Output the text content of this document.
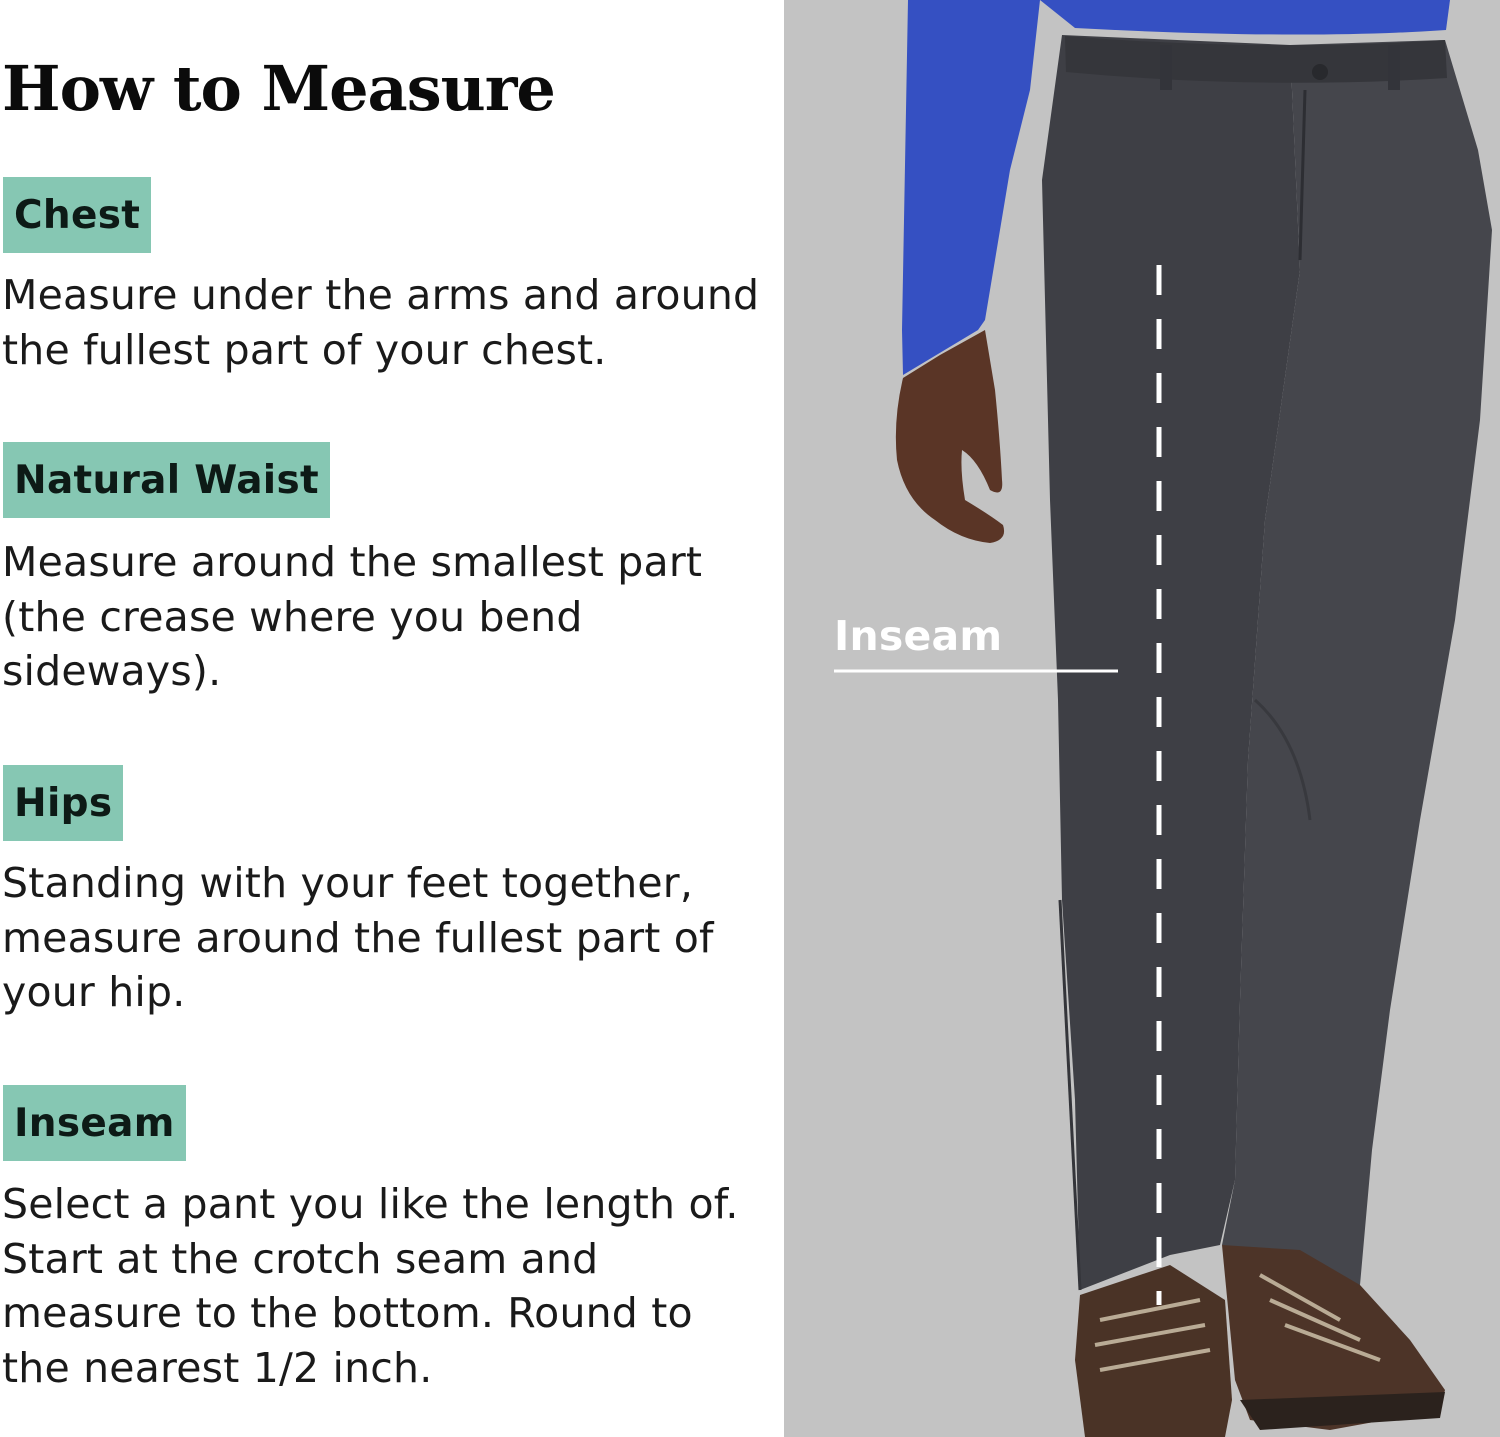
How to Measure
Chest

Measure under the arms and around the fullest part of your chest.

Natural Waist

Measure around the smallest part (the crease where you bend sideways).

Hips

Standing with your feet together, measure around the fullest part of your hip.

Inseam

Select a pant you like the length of. Start at the crotch seam and measure to the bottom. Round to the nearest 1/2 inch.

Inseam
